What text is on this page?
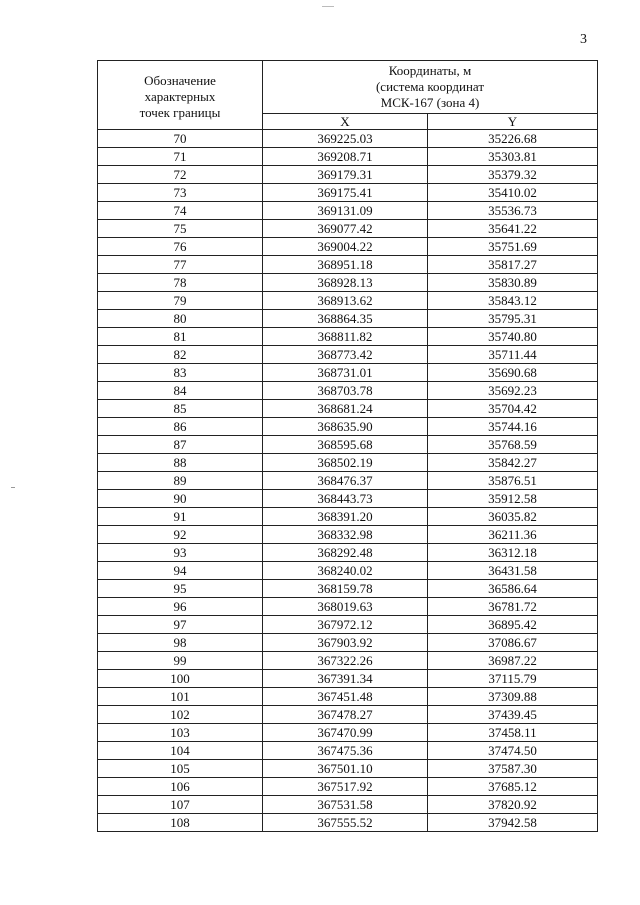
3
Обозначение
характерных
точек границы	Координаты, м
(система координат
МСК-167 (зона 4)	

	X	Y
70	369225.03	35226.68
71	369208.71	35303.81
72	369179.31	35379.32
73	369175.41	35410.02
74	369131.09	35536.73
75	369077.42	35641.22
76	369004.22	35751.69
77	368951.18	35817.27
78	368928.13	35830.89
79	368913.62	35843.12
80	368864.35	35795.31
81	368811.82	35740.80
82	368773.42	35711.44
83	368731.01	35690.68
84	368703.78	35692.23
85	368681.24	35704.42
86	368635.90	35744.16
87	368595.68	35768.59
88	368502.19	35842.27
89	368476.37	35876.51
90	368443.73	35912.58
91	368391.20	36035.82
92	368332.98	36211.36
93	368292.48	36312.18
94	368240.02	36431.58
95	368159.78	36586.64
96	368019.63	36781.72
97	367972.12	36895.42
98	367903.92	37086.67
99	367322.26	36987.22
100	367391.34	37115.79
101	367451.48	37309.88
102	367478.27	37439.45
103	367470.99	37458.11
104	367475.36	37474.50
105	367501.10	37587.30
106	367517.92	37685.12
107	367531.58	37820.92
108	367555.52	37942.58
